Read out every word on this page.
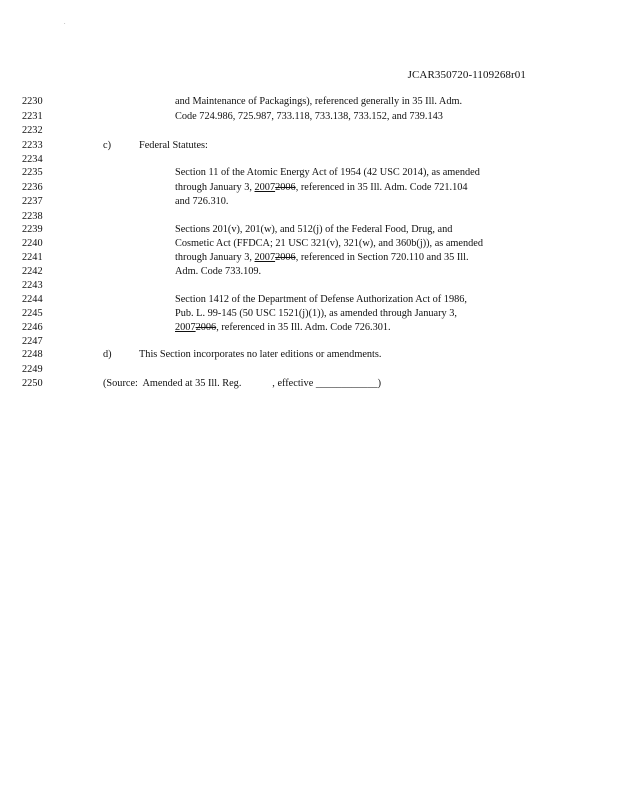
.
JCAR350720-1109268r01
2230	and Maintenance of Packagings), referenced generally in 35 Ill. Adm.
2231	Code 724.986, 725.987, 733.118, 733.138, 733.152, and 739.143
2232
2233	c)	Federal Statutes:
2234
2235	Section 11 of the Atomic Energy Act of 1954 (42 USC 2014), as amended
2236	through January 3, 20072006, referenced in 35 Ill. Adm. Code 721.104
2237	and 726.310.
2238
2239	Sections 201(v), 201(w), and 512(j) of the Federal Food, Drug, and
2240	Cosmetic Act (FFDCA; 21 USC 321(v), 321(w), and 360b(j)), as amended
2241	through January 3, 20072006, referenced in Section 720.110 and 35 Ill.
2242	Adm. Code 733.109.
2243
2244	Section 1412 of the Department of Defense Authorization Act of 1986,
2245	Pub. L. 99-145 (50 USC 1521(j)(1)), as amended through January 3,
2246	20072006, referenced in 35 Ill. Adm. Code 726.301.
2247
2248	d)	This Section incorporates no later editions or amendments.
2249
2250	(Source:  Amended at 35 Ill. Reg.            , effective ____________)
